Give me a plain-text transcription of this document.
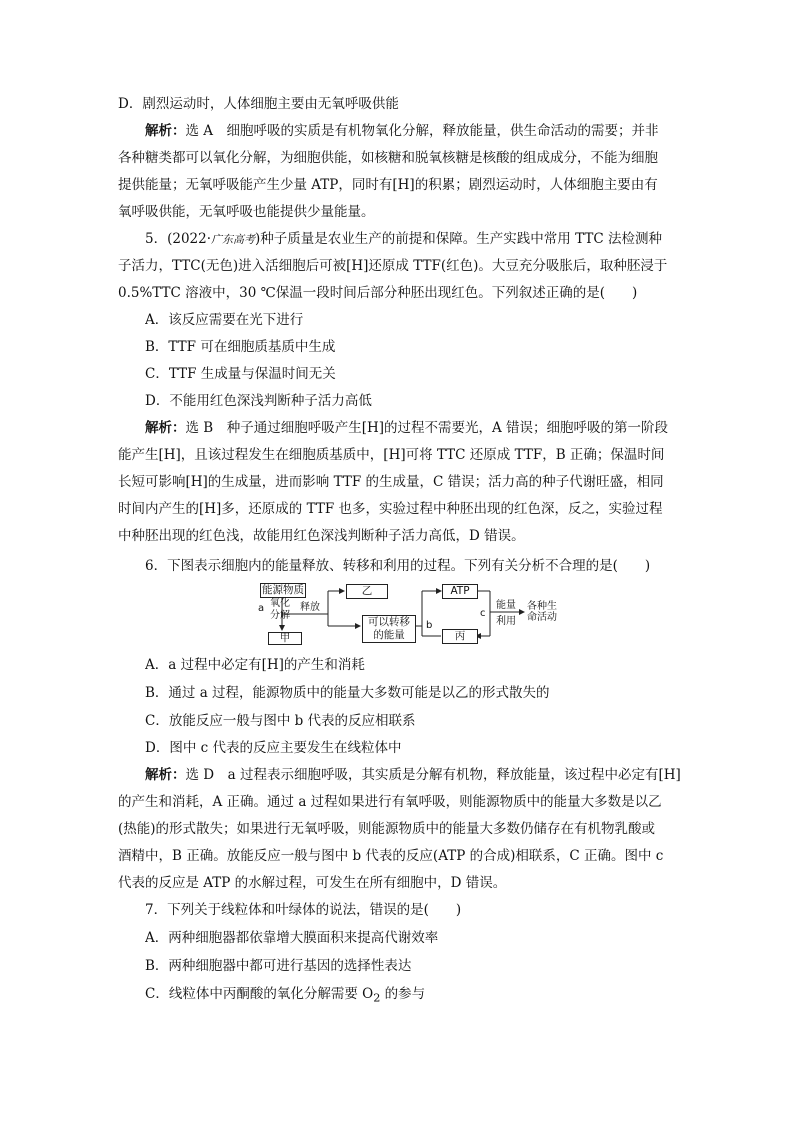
D．剧烈运动时，人体细胞主要由无氧呼吸供能
解析：选 A　细胞呼吸的实质是有机物氧化分解，释放能量，供生命活动的需要；并非
各种糖类都可以氧化分解，为细胞供能，如核糖和脱氧核糖是核酸的组成成分，不能为细胞
提供能量；无氧呼吸能产生少量 ATP，同时有[H]的积累；剧烈运动时，人体细胞主要由有
氧呼吸供能，无氧呼吸也能提供少量能量。
5．(2022·广东高考)种子质量是农业生产的前提和保障。生产实践中常用 TTC 法检测种
子活力，TTC(无色)进入活细胞后可被[H]还原成 TTF(红色)。大豆充分吸胀后，取种胚浸于
0.5%TTC 溶液中，30 ℃保温一段时间后部分种胚出现红色。下列叙述正确的是(　　)
A．该反应需要在光下进行
B．TTF 可在细胞质基质中生成
C．TTF 生成量与保温时间无关
D．不能用红色深浅判断种子活力高低
解析：选 B　种子通过细胞呼吸产生[H]的过程不需要光，A 错误；细胞呼吸的第一阶段
能产生[H]，且该过程发生在细胞质基质中，[H]可将 TTC 还原成 TTF，B 正确；保温时间
长短可影响[H]的生成量，进而影响 TTF 的生成量，C 错误；活力高的种子代谢旺盛，相同
时间内产生的[H]多，还原成的 TTF 也多，实验过程中种胚出现的红色深，反之，实验过程
中种胚出现的红色浅，故能用红色深浅判断种子活力高低，D 错误。
6．下图表示细胞内的能量释放、转移和利用的过程。下列有关分析不合理的是(　　)
能源物质
a 氧化
分解
释放
乙
可以转移
的能量
甲
b
ATP
丙
c
能量
利用
各种生
命活动
A．a 过程中必定有[H]的产生和消耗
B．通过 a 过程，能源物质中的能量大多数可能是以乙的形式散失的
C．放能反应一般与图中 b 代表的反应相联系
D．图中 c 代表的反应主要发生在线粒体中
解析：选 D　a 过程表示细胞呼吸，其实质是分解有机物，释放能量，该过程中必定有[H]
的产生和消耗，A 正确。通过 a 过程如果进行有氧呼吸，则能源物质中的能量大多数是以乙
(热能)的形式散失；如果进行无氧呼吸，则能源物质中的能量大多数仍储存在有机物乳酸或
酒精中，B 正确。放能反应一般与图中 b 代表的反应(ATP 的合成)相联系，C 正确。图中 c
代表的反应是 ATP 的水解过程，可发生在所有细胞中，D 错误。
7．下列关于线粒体和叶绿体的说法，错误的是(　　)
A．两种细胞器都依靠增大膜面积来提高代谢效率
B．两种细胞器中都可进行基因的选择性表达
C．线粒体中丙酮酸的氧化分解需要 $O_2$ 的参与
